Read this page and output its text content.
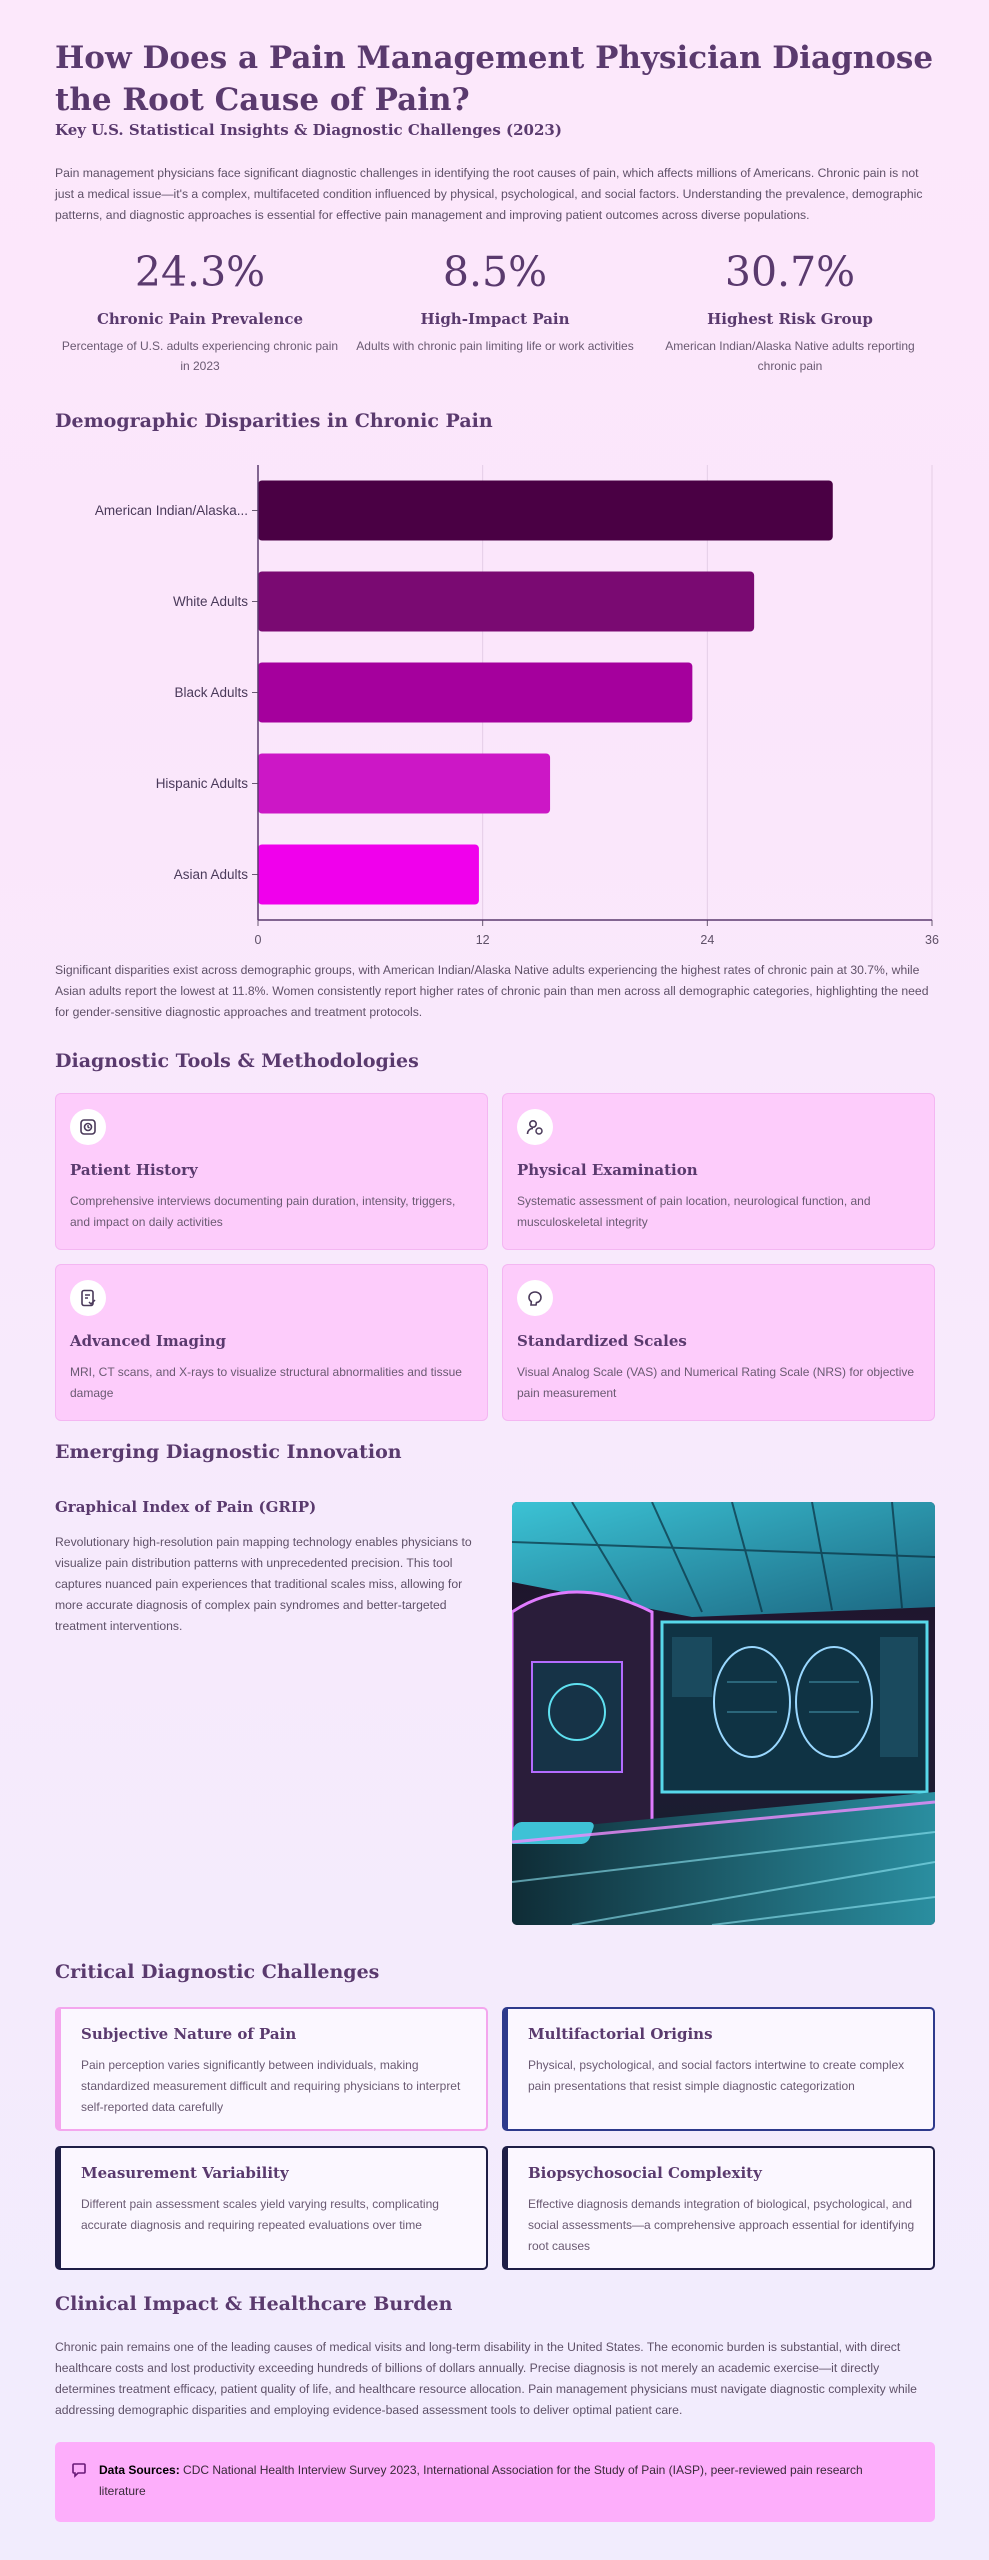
How Does a Pain Management Physician Diagnose the Root Cause of Pain?
Key U.S. Statistical Insights & Diagnostic Challenges (2023)
Pain management physicians face significant diagnostic challenges in identifying the root causes of pain, which affects millions of Americans. Chronic pain is not just a medical issue—it's a complex, multifaceted condition influenced by physical, psychological, and social factors. Understanding the prevalence, demographic patterns, and diagnostic approaches is essential for effective pain management and improving patient outcomes across diverse populations.
24.3%
Chronic Pain Prevalence
Percentage of U.S. adults experiencing chronic pain in 2023
8.5%
High-Impact Pain
Adults with chronic pain limiting life or work activities
30.7%
Highest Risk Group
American Indian/Alaska Native adults reporting chronic pain
Demographic Disparities in Chronic Pain
0	12	24	36
American Indian/Alaska...
White Adults
Black Adults
Hispanic Adults
Asian Adults
Significant disparities exist across demographic groups, with American Indian/Alaska Native adults experiencing the highest rates of chronic pain at 30.7%, while Asian adults report the lowest at 11.8%. Women consistently report higher rates of chronic pain than men across all demographic categories, highlighting the need for gender-sensitive diagnostic approaches and treatment protocols.
Diagnostic Tools & Methodologies
Patient History
Comprehensive interviews documenting pain duration, intensity, triggers, and impact on daily activities
Physical Examination
Systematic assessment of pain location, neurological function, and musculoskeletal integrity
Advanced Imaging
MRI, CT scans, and X-rays to visualize structural abnormalities and tissue damage
Standardized Scales
Visual Analog Scale (VAS) and Numerical Rating Scale (NRS) for objective pain measurement
Emerging Diagnostic Innovation
Graphical Index of Pain (GRIP)
Revolutionary high-resolution pain mapping technology enables physicians to visualize pain distribution patterns with unprecedented precision. This tool captures nuanced pain experiences that traditional scales miss, allowing for more accurate diagnosis of complex pain syndromes and better-targeted treatment interventions.
Critical Diagnostic Challenges
Subjective Nature of Pain
Pain perception varies significantly between individuals, making standardized measurement difficult and requiring physicians to interpret self-reported data carefully
Multifactorial Origins
Physical, psychological, and social factors intertwine to create complex pain presentations that resist simple diagnostic categorization
Measurement Variability
Different pain assessment scales yield varying results, complicating accurate diagnosis and requiring repeated evaluations over time
Biopsychosocial Complexity
Effective diagnosis demands integration of biological, psychological, and social assessments—a comprehensive approach essential for identifying root causes
Clinical Impact & Healthcare Burden
Chronic pain remains one of the leading causes of medical visits and long-term disability in the United States. The economic burden is substantial, with direct healthcare costs and lost productivity exceeding hundreds of billions of dollars annually. Precise diagnosis is not merely an academic exercise—it directly determines treatment efficacy, patient quality of life, and healthcare resource allocation. Pain management physicians must navigate diagnostic complexity while addressing demographic disparities and employing evidence-based assessment tools to deliver optimal patient care.
Data Sources: CDC National Health Interview Survey 2023, International Association for the Study of Pain (IASP), peer-reviewed pain research literature
